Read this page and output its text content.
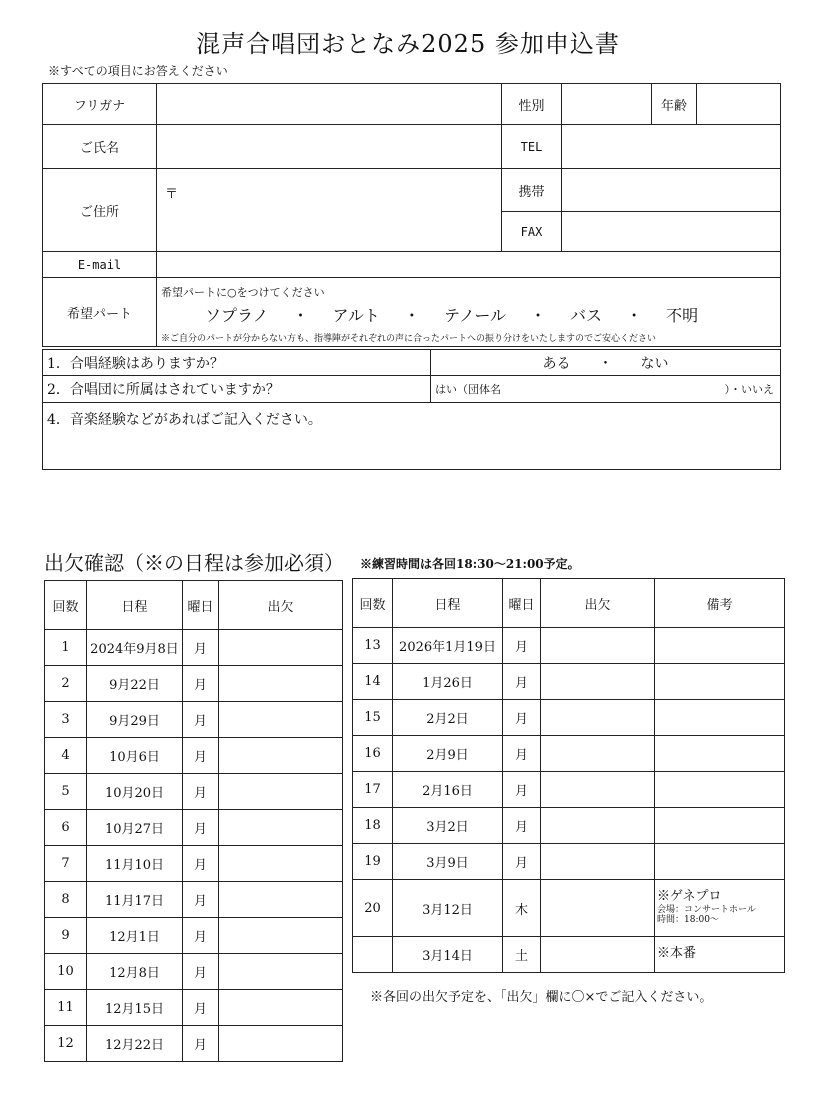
混声合唱団おとなみ2025 参加申込書
※すべての項目にお答えください
フリガナ		性別		年齢	
ご氏名		TEL			
ご住所	〒	携帯			
		FAX			
E-mail					
希望パート	希望パートに○をつけてください
ソプラノ ・ アルト ・ テノール ・ バス ・ 不明
※ご自分のパートが分からない方も、指導陣がそれぞれの声に合ったパートへの振り分けをいたしますのでご安心ください				
1．合唱経験はありますか？	ある　　・　　ない
2．合唱団に所属はされていますか？	はい（団体名 ）・いいえ

4．音楽経験などがあればご記入ください。	
出欠確認（※の日程は参加必須） ※練習時間は各回18:30～21:00予定。
回数	日程	曜日	出欠
1	2024年9月8日	月	
2	9月22日	月	
3	9月29日	月	
4	10月6日	月	
5	10月20日	月	
6	10月27日	月	
7	11月10日	月	
8	11月17日	月	
9	12月1日	月	
10	12月8日	月	
11	12月15日	月	
12	12月22日	月	
回数	日程	曜日	出欠	備考
13	2026年1月19日	月		
14	1月26日	月		
15	2月2日	月		
16	2月9日	月		
17	2月16日	月		
18	3月2日	月		
19	3月9日	月		
20	3月12日	木		※ゲネプロ
会場：コンサートホール
時間：18:00～

	3月14日	土		※本番
※各回の出欠予定を、「出欠」欄に〇×でご記入ください。
